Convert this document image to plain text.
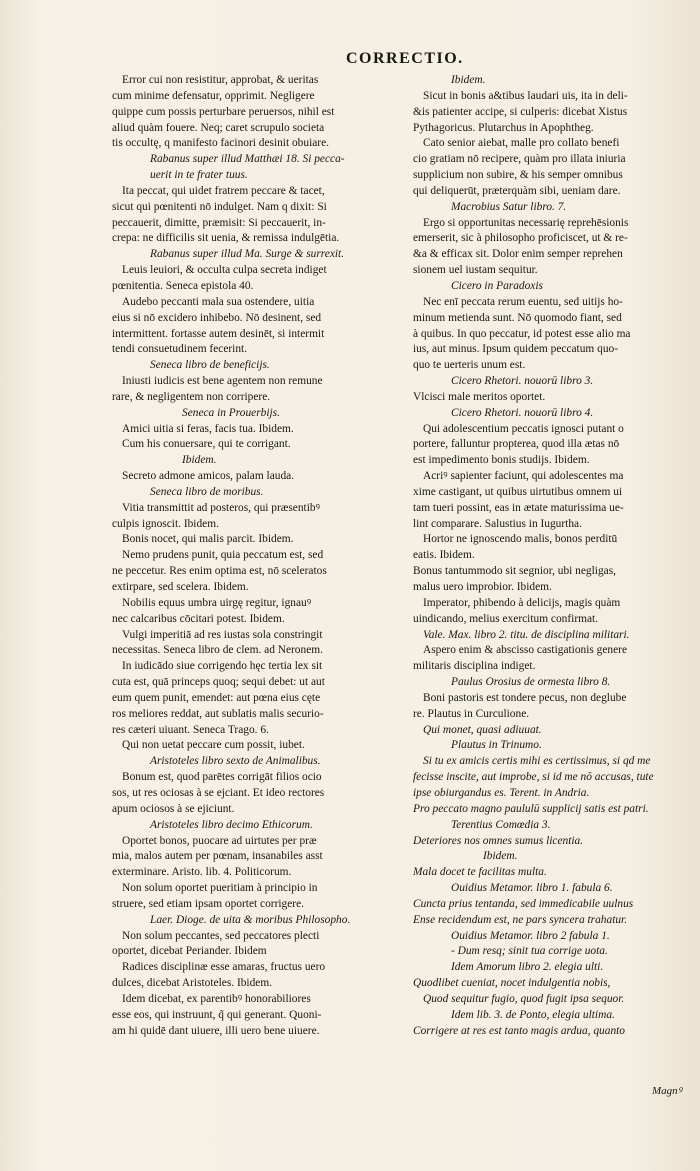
CORRECTIO.
Error cui non resistitur, approbat, & ueritas
cum minime defensatur, opprimit. Negligere
quippe cum possis perturbare peruersos, nihil est
aliud quàm fouere. Neq; caret scrupulo societa
tis occultę, q manifesto facinori desinit obuiare.
Rabanus super illud Matthæi 18. Si pecca-
uerit in te frater tuus.
Ita peccat, qui uidet fratrem peccare & tacet,
sicut qui pœnitenti nō indulget. Nam q dixit: Si
peccauerit, dimitte, præmisit: Si peccauerit, in-
crepa: ne difficilis sit uenia, & remissa indulgētia.
Rabanus super illud Ma. Surge & surrexit.
Leuis leuiori, & occulta culpa secreta indiget
pœnitentia. Seneca epistola 40.
Audebo peccanti mala sua ostendere, uitia
eius si nō excidero inhibebo. Nō desinent, sed
intermittent. fortasse autem desinēt, si intermit
tendi consuetudinem fecerint.
Seneca libro de beneficijs.
Iniusti iudicis est bene agentem non remune
rare, & negligentem non corripere.
Seneca in Prouerbijs.
Amici uitia si feras, facis tua. Ibidem.
Cum his conuersare, qui te corrigant.
Ibidem.
Secreto admone amicos, palam lauda.
Seneca libro de moribus.
Vitia transmittit ad posteros, qui præsentibꝰ
culpis ignoscit. Ibidem.
Bonis nocet, qui malis parcit. Ibidem.
Nemo prudens punit, quia peccatum est, sed
ne peccetur. Res enim optima est, nō sceleratos
extirpare, sed scelera. Ibidem.
Nobilis equus umbra uirgę regitur, ignauꝰ
nec calcaribus cōcitari potest. Ibidem.
Vulgi imperitiā ad res iustas sola constringit
necessitas. Seneca libro de clem. ad Neronem.
In iudicādo siue corrigendo hęc tertia lex sit
cuta est, quā princeps quoq; sequi debet: ut aut
eum quem punit, emendet: aut pœna eius cęte
ros meliores reddat, aut sublatis malis securio-
res cæteri uiuant. Seneca Trago. 6.
Qui non uetat peccare cum possit, iubet.
Aristoteles libro sexto de Animalibus.
Bonum est, quod parētes corrigāt filios ocio
sos, ut res ociosas à se ejciant. Et ideo rectores
apum ociosos à se ejiciunt.
Aristoteles libro decimo Ethicorum.
Oportet bonos, puocare ad uirtutes per præ
mia, malos autem per pœnam, insanabiles asst
exterminare. Aristo. lib. 4. Politicorum.
Non solum oportet pueritiam à principio in
struere, sed etiam ipsam oportet corrigere.
Laer. Dioge. de uita & moribus Philosopho.
Non solum peccantes, sed peccatores plecti
oportet, dicebat Periander. Ibidem
Radices disciplinæ esse amaras, fructus uero
dulces, dicebat Aristoteles. Ibidem.
Idem dicebat, ex parentibꝰ honorabiliores
esse eos, qui instruunt, q̃ qui generant. Quoni-
am hi quidē dant uiuere, illi uero bene uiuere.
Ibidem.
Sicut in bonis a&tibus laudari uis, ita in deli-
&is patienter accipe, si culperis: dicebat Xistus
Pythagoricus. Plutarchus in Apophtheg.
Cato senior aiebat, malle pro collato benefi
cio gratiam nō recipere, quàm pro illata iniuria
supplicium non subire, & his semper omnibus
qui deliquerūt, præterquàm sibi, ueniam dare.
Macrobius Satur libro. 7.
Ergo si opportunitas necessarię reprehēsionis
emerserit, sic à philosopho proficiscet, ut & re-
&a & efficax sit. Dolor enim semper reprehen
sionem uel iustam sequitur.
Cicero in Paradoxis
Nec enī peccata rerum euentu, sed uitijs ho-
minum metienda sunt. Nō quomodo fiant, sed
à quibus. In quo peccatur, id potest esse alio ma
ius, aut minus. Ipsum quidem peccatum quo-
quo te uerteris unum est.
Cicero Rhetori. nouorū libro 3.
Vlcisci male meritos oportet.
Cicero Rhetori. nouorū libro 4.
Qui adolescentium peccatis ignosci putant o
portere, falluntur propterea, quod illa ætas nō
est impedimento bonis studijs. Ibidem.
Acriꝰ sapienter faciunt, qui adolescentes ma
xime castigant, ut quibus uirtutibus omnem ui
tam tueri possint, eas in ætate maturissima ue-
lint comparare. Salustius in Iugurtha.
Hortor ne ignoscendo malis, bonos perditū
eatis. Ibidem.
Bonus tantummodo sit segnior, ubi negligas,
malus uero improbior. Ibidem.
Imperator, phibendo à delicijs, magis quàm
uindicando, melius exercitum confirmat.
Vale. Max. libro 2. titu. de disciplina militari.
Aspero enim & abscisso castigationis genere
militaris disciplina indiget.
Paulus Orosius de ormesta libro 8.
Boni pastoris est tondere pecus, non deglube
re. Plautus in Curculione.
Qui monet, quasi adiuuat.
Plautus in Trinumo.
Si tu ex amicis certis mihi es certissimus, si qd me
fecisse inscite, aut improbe, si id me nō accusas, tute
ipse obiurgandus es. Terent. in Andria.
Pro peccato magno paululū supplicij satis est patri.
Terentius Comœdia 3.
Deteriores nos omnes sumus licentia.
Ibidem.
Mala docet te facilitas multa.
Ouidius Metamor. libro 1. fabula 6.
Cuncta prius tentanda, sed immedicabile uulnus
Ense recidendum est, ne pars syncera trahatur.
Ouidius Metamor. libro 2 fabula 1.
- Dum resq; sinit tua corrige uota.
Idem Amorum libro 2. elegia ulti.
Quodlibet cueniat, nocet indulgentia nobis,
Quod sequitur fugio, quod fugit ipsa sequor.
Idem lib. 3. de Ponto, elegia ultima.
Corrigere at res est tanto magis ardua, quanto
Magnꝰ
